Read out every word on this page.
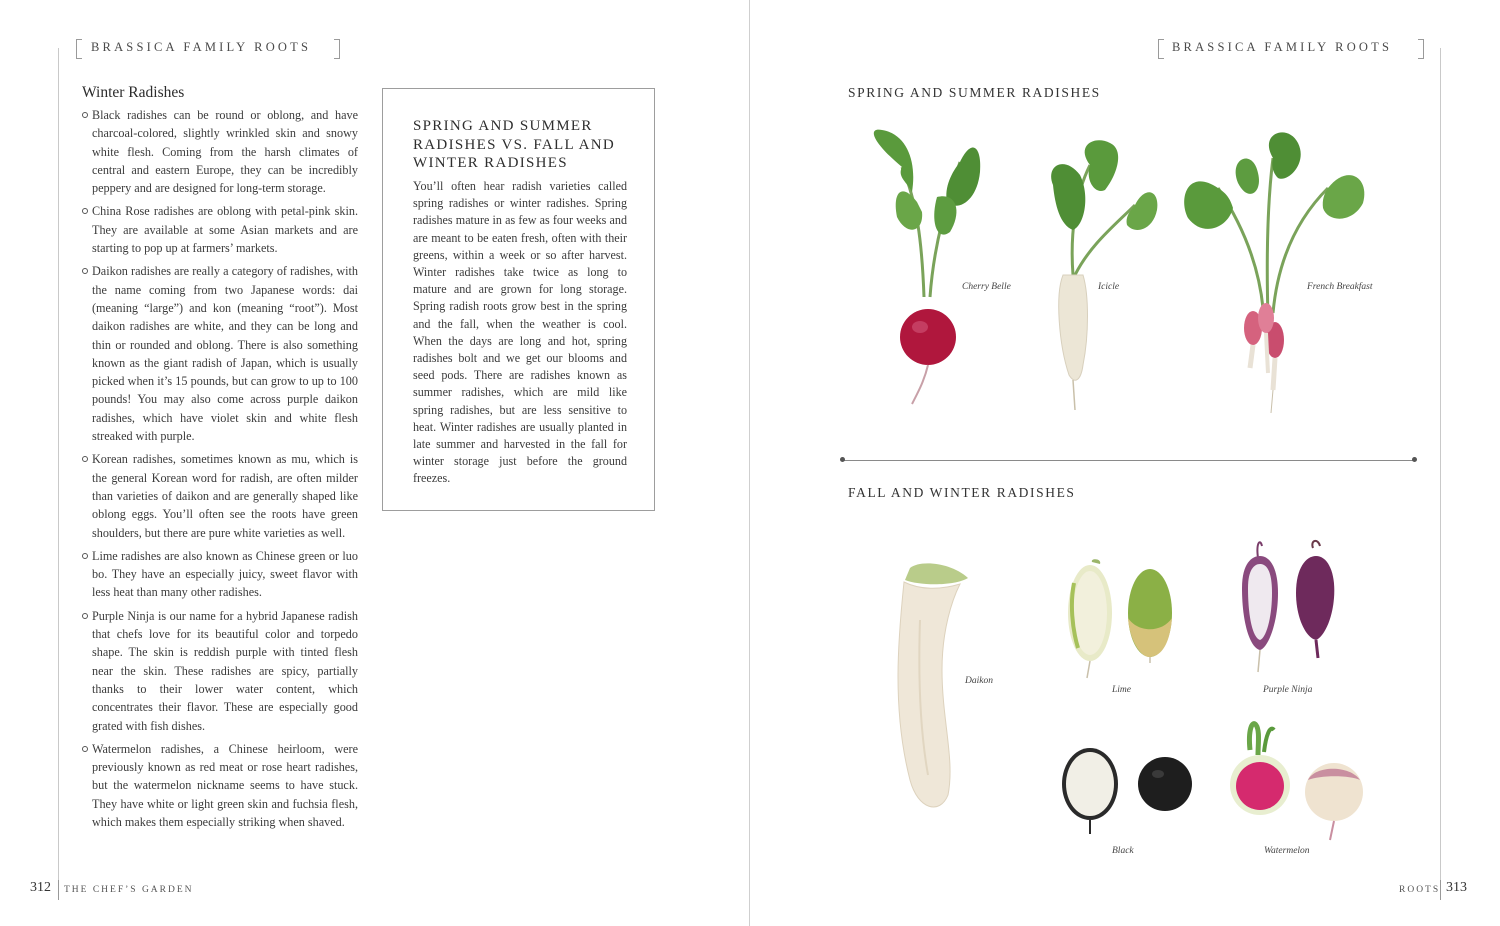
BRASSICA FAMILY ROOTS
Winter Radishes
Black radishes can be round or oblong, and have charcoal-colored, slightly wrinkled skin and snowy white flesh. Coming from the harsh climates of central and eastern Europe, they can be incredibly peppery and are designed for long-term storage.
China Rose radishes are oblong with petal-pink skin. They are available at some Asian markets and are starting to pop up at farmers’ markets.
Daikon radishes are really a category of radishes, with the name coming from two Japanese words: dai (meaning “large”) and kon (meaning “root”). Most daikon radishes are white, and they can be long and thin or rounded and oblong. There is also something known as the giant radish of Japan, which is usually picked when it’s 15 pounds, but can grow to up to 100 pounds! You may also come across purple daikon radishes, which have violet skin and white flesh streaked with purple.
Korean radishes, sometimes known as mu, which is the general Korean word for radish, are often milder than varieties of daikon and are generally shaped like oblong eggs. You’ll often see the roots have green shoulders, but there are pure white varieties as well.
Lime radishes are also known as Chinese green or luo bo. They have an especially juicy, sweet flavor with less heat than many other radishes.
Purple Ninja is our name for a hybrid Japanese radish that chefs love for its beautiful color and torpedo shape. The skin is reddish purple with tinted flesh near the skin. These radishes are spicy, partially thanks to their lower water content, which concentrates their flavor. These are especially good grated with fish dishes.
Watermelon radishes, a Chinese heirloom, were previously known as red meat or rose heart radishes, but the watermelon nickname seems to have stuck. They have white or light green skin and fuchsia flesh, which makes them especially striking when shaved.
SPRING AND SUMMER RADISHES VS. FALL AND WINTER RADISHES

You’ll often hear radish varieties called spring radishes or winter radishes. Spring radishes mature in as few as four weeks and are meant to be eaten fresh, often with their greens, within a week or so after harvest. Winter radishes take twice as long to mature and are grown for long storage. Spring radish roots grow best in the spring and the fall, when the weather is cool. When the days are long and hot, spring radishes bolt and we get our blooms and seed pods. There are radishes known as summer radishes, which are mild like spring radishes, but are less sensitive to heat. Winter radishes are usually planted in late summer and harvested in the fall for winter storage just before the ground freezes.

312 THE CHEF’S GARDEN
BRASSICA FAMILY ROOTS
SPRING AND SUMMER RADISHES
Cherry Belle	Icicle	French Breakfast
FALL AND WINTER RADISHES
Daikon
Lime	Purple Ninja
Black	Watermelon
ROOTS 313
